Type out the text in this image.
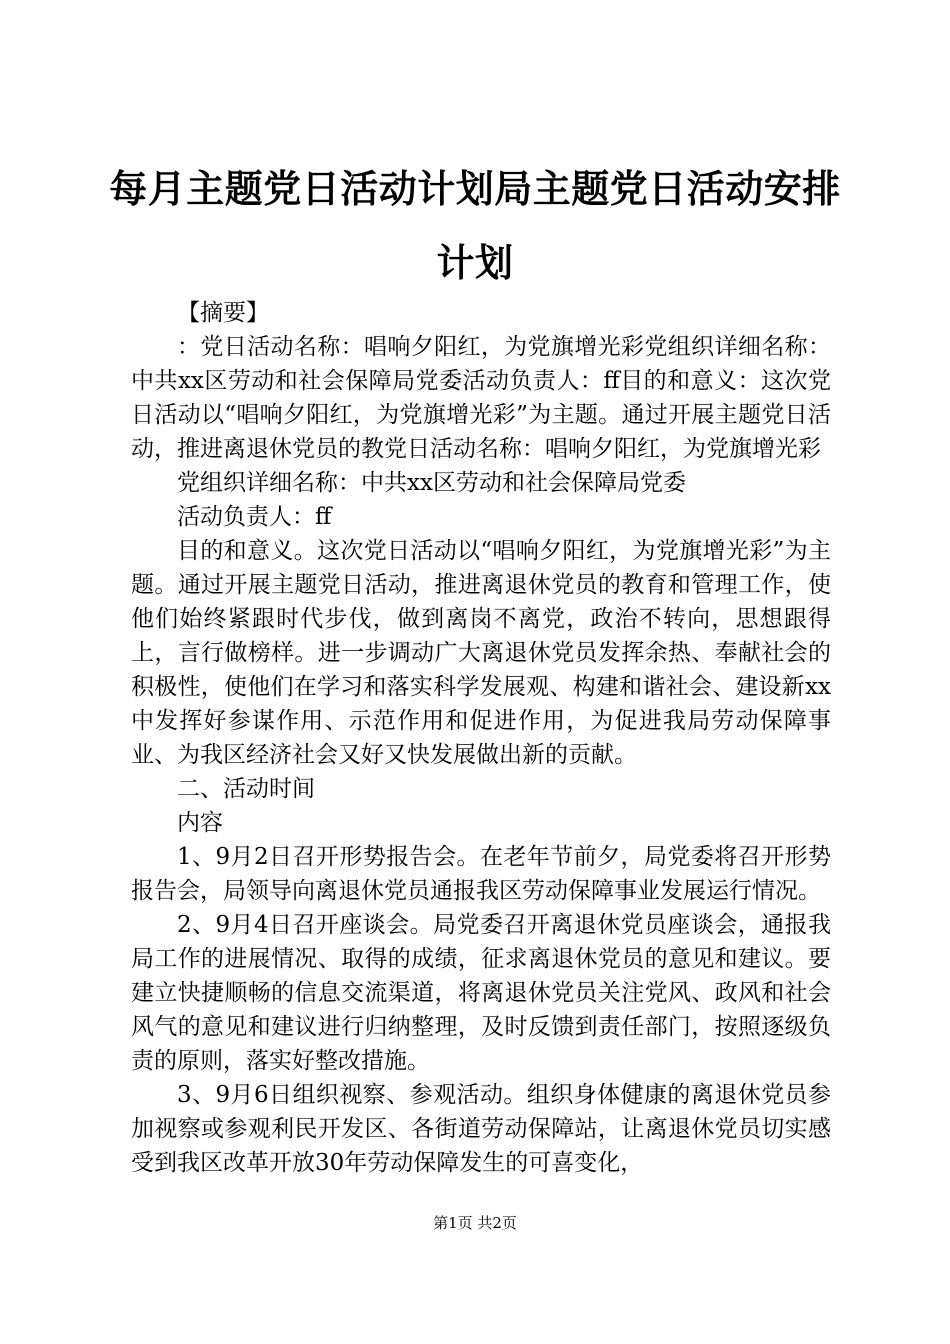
每月主题党日活动计划局主题党日活动安排计划

【摘要】

：党日活动名称：唱响夕阳红，为党旗增光彩党组织详细名称：中共xx区劳动和社会保障局党委活动负责人：ff目的和意义：这次党日活动以“唱响夕阳红，为党旗增光彩”为主题。通过开展主题党日活动，推进离退休党员的教党日活动名称：唱响夕阳红，为党旗增光彩

党组织详细名称：中共xx区劳动和社会保障局党委

活动负责人：ff

目的和意义。这次党日活动以“唱响夕阳红，为党旗增光彩”为主题。通过开展主题党日活动，推进离退休党员的教育和管理工作，使他们始终紧跟时代步伐，做到离岗不离党，政治不转向，思想跟得上，言行做榜样。进一步调动广大离退休党员发挥余热、奉献社会的积极性，使他们在学习和落实科学发展观、构建和谐社会、建设新xx中发挥好参谋作用、示范作用和促进作用，为促进我局劳动保障事业、为我区经济社会又好又快发展做出新的贡献。

二、活动时间

内容

1、9月2日召开形势报告会。在老年节前夕，局党委将召开形势报告会，局领导向离退休党员通报我区劳动保障事业发展运行情况。

2、9月4日召开座谈会。局党委召开离退休党员座谈会，通报我局工作的进展情况、取得的成绩，征求离退休党员的意见和建议。要建立快捷顺畅的信息交流渠道，将离退休党员关注党风、政风和社会风气的意见和建议进行归纳整理，及时反馈到责任部门，按照逐级负责的原则，落实好整改措施。

3、9月6日组织视察、参观活动。组织身体健康的离退休党员参加视察或参观利民开发区、各街道劳动保障站，让离退休党员切实感受到我区改革开放30年劳动保障发生的可喜变化，

第1页 共2页
